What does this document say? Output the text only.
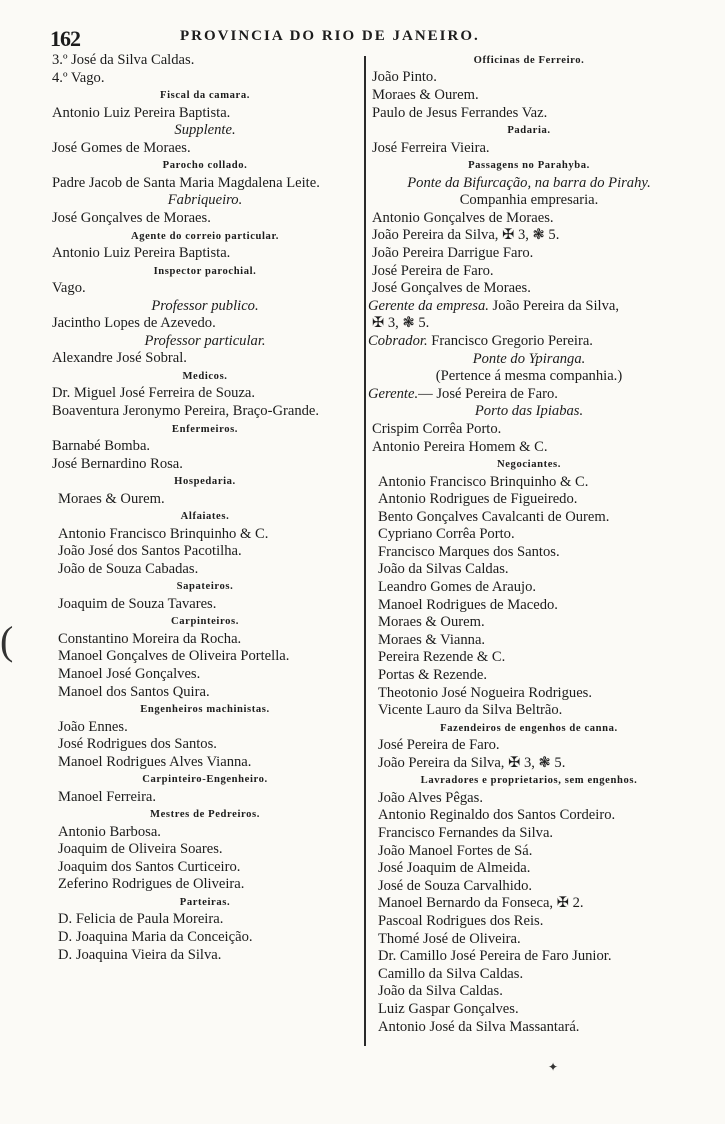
162	PROVINCIA DO RIO DE JANEIRO.
3.º José da Silva Caldas.
4.º Vago.
Fiscal da camara.
Antonio Luiz Pereira Baptista.
Supplente.
José Gomes de Moraes.
Parocho collado.
Padre Jacob de Santa Maria Magdalena Leite.
Fabriqueiro.
José Gonçalves de Moraes.
Agente do correio particular.
Antonio Luiz Pereira Baptista.
Inspector parochial.
Vago.
Professor publico.
Jacintho Lopes de Azevedo.
Professor particular.
Alexandre José Sobral.
Medicos.
Dr. Miguel José Ferreira de Souza.
Boaventura Jeronymo Pereira, Braço-Grande.
Enfermeiros.
Barnabé Bomba.
José Bernardino Rosa.
Hospedaria.
Moraes & Ourem.
Alfaiates.
Antonio Francisco Brinquinho & C.
João José dos Santos Pacotilha.
João de Souza Cabadas.
Sapateiros.
Joaquim de Souza Tavares.
Carpinteiros.
Constantino Moreira da Rocha.
Manoel Gonçalves de Oliveira Portella.
Manoel José Gonçalves.
Manoel dos Santos Quira.
Engenheiros machinistas.
João Ennes.
José Rodrigues dos Santos.
Manoel Rodrigues Alves Vianna.
Carpinteiro-Engenheiro.
Manoel Ferreira.
Mestres de Pedreiros.
Antonio Barbosa.
Joaquim de Oliveira Soares.
Joaquim dos Santos Curticeiro.
Zeferino Rodrigues de Oliveira.
Parteiras.
D. Felicia de Paula Moreira.
D. Joaquina Maria da Conceição.
D. Joaquina Vieira da Silva.
Officinas de Ferreiro.
João Pinto.
Moraes & Ourem.
Paulo de Jesus Ferrandes Vaz.
Padaria.
José Ferreira Vieira.
Passagens no Parahyba.
Ponte da Bifurcação, na barra do Pirahy.
Companhia empresaria.
Antonio Gonçalves de Moraes.
João Pereira da Silva, ✠ 3, ❃ 5.
João Pereira Darrigue Faro.
José Pereira de Faro.
José Gonçalves de Moraes.
Gerente da empresa. João Pereira da Silva,
✠ 3, ❃ 5.
Cobrador. Francisco Gregorio Pereira.
Ponte do Ypiranga.
(Pertence á mesma companhia.)
Gerente.— José Pereira de Faro.
Porto das Ipiabas.
Crispim Corrêa Porto.
Antonio Pereira Homem & C.
Negociantes.
Antonio Francisco Brinquinho & C.
Antonio Rodrigues de Figueiredo.
Bento Gonçalves Cavalcanti de Ourem.
Cypriano Corrêa Porto.
Francisco Marques dos Santos.
João da Silvas Caldas.
Leandro Gomes de Araujo.
Manoel Rodrigues de Macedo.
Moraes & Ourem.
Moraes & Vianna.
Pereira Rezende & C.
Portas & Rezende.
Theotonio José Nogueira Rodrigues.
Vicente Lauro da Silva Beltrão.
Fazendeiros de engenhos de canna.
José Pereira de Faro.
João Pereira da Silva, ✠ 3, ❃ 5.
Lavradores e proprietarios, sem engenhos.
João Alves Pêgas.
Antonio Reginaldo dos Santos Cordeiro.
Francisco Fernandes da Silva.
João Manoel Fortes de Sá.
José Joaquim de Almeida.
José de Souza Carvalhido.
Manoel Bernardo da Fonseca, ✠ 2.
Pascoal Rodrigues dos Reis.
Thomé José de Oliveira.
Dr. Camillo José Pereira de Faro Junior.
Camillo da Silva Caldas.
João da Silva Caldas.
Luiz Gaspar Gonçalves.
Antonio José da Silva Massantará.
(
✦
